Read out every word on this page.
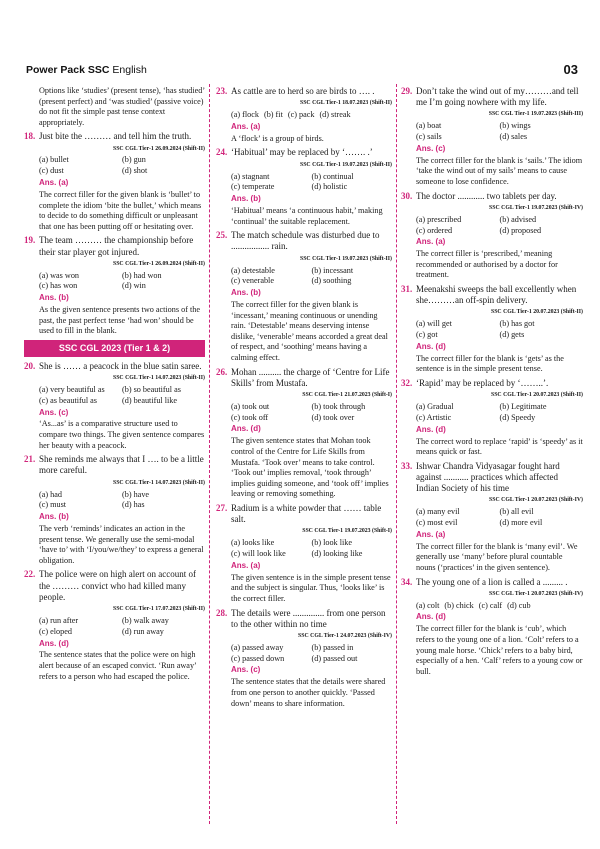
Power Pack SSC English	03
Options like ‘studies’ (present tense), ‘has studied’ (present perfect) and ‘was studied’ (passive voice) do not fit the simple past tense context appropriately.
18. Just bite the ……… and tell him the truth.
SSC CGL Tier-1 26.09.2024 (Shift-II)
(a) bullet	(b) gun
(c) dust	(d) shot
Ans. (a)
The correct filler for the given blank is ‘bullet’ to complete the idiom ‘bite the bullet,’ which means to decide to do something difficult or unpleasant that one has been putting off or hesitating over.
19. The team ……… the championship before their star player got injured.
SSC CGL Tier-1 26.09.2024 (Shift-II)
(a) was won	(b) had won
(c) has won	(d) win
Ans. (b)
As the given sentence presents two actions of the past, the past perfect tense ‘had won’ should be used to fill in the blank.
SSC CGL 2023 (Tier 1 & 2)
20. She is …… a peacock in the blue satin saree.
SSC CGL Tier-1 14.07.2023 (Shift-II)
(a) very beautiful as	(b) so beautiful as
(c) as beautiful as	(d) beautiful like
Ans. (c)
‘As...as’ is a comparative structure used to compare two things. The given sentence compares her beauty with a peacock.
21. She reminds me always that I …. to be a little more careful.
SSC CGL Tier-1 14.07.2023 (Shift-II)
(a) had	(b) have
(c) must	(d) has
Ans. (b)
The verb ‘reminds’ indicates an action in the present tense. We generally use the semi-modal ‘have to’ with ‘I/you/we/they’ to express a general obligation.
22. The police were on high alert on account of the ……… convict who had killed many people.
SSC CGL Tier-1 17.07.2023 (Shift-II)
(a) run after	(b) walk away
(c) eloped	(d) run away
Ans. (d)
The sentence states that the police were on high alert because of an escaped convict. ‘Run away’ refers to a person who had escaped the police.
23. As cattle are to herd so are birds to …. .
SSC CGL Tier-1 18.07.2023 (Shift-II)
(a) flock (b) fit (c) pack (d) streak
Ans. (a)
A ‘flock’ is a group of birds.
24. ‘Habitual’ may be replaced by ‘……. .’
SSC CGL Tier-1 19.07.2023 (Shift-II)
(a) stagnant	(b) continual
(c) temperate	(d) holistic
Ans. (b)
‘Habitual’ means ‘a continuous habit,’ making ‘continual’ the suitable replacement.
25. The match schedule was disturbed due to ................. rain.
SSC CGL Tier-1 19.07.2023 (Shift-II)
(a) detestable	(b) incessant
(c) venerable	(d) soothing
Ans. (b)
The correct filler for the given blank is ‘incessant,’ meaning continuous or unending rain. ‘Detestable’ means deserving intense dislike, ‘venerable’ means accorded a great deal of respect, and ‘soothing’ means having a calming effect.
26. Mohan .......... the charge of ‘Centre for Life Skills’ from Mustafa.
SSC CGL Tier-1 21.07.2023 (Shift-I)
(a) took out	(b) took through
(c) took off	(d) took over
Ans. (d)
The given sentence states that Mohan took control of the Centre for Life Skills from Mustafa. ‘Took over’ means to take control. ‘Took out’ implies removal, ‘took through’ implies guiding someone, and ‘took off’ implies leaving or removing something.
27. Radium is a white powder that …… table salt.
SSC CGL Tier-1 19.07.2023 (Shift-I)
(a) looks like	(b) look like
(c) will look like	(d) looking like
Ans. (a)
The given sentence is in the simple present tense and the subject is singular. Thus, ‘looks like’ is the correct filler.
28. The details were .............. from one person to the other within no time
SSC CGL Tier-1 24.07.2023 (Shift-IV)
(a) passed away	(b) passed in
(c) passed down	(d) passed out
Ans. (c)
The sentence states that the details were shared from one person to another quickly. ‘Passed down’ means to share information.
29. Don’t take the wind out of my………and tell me I’m going nowhere with my life.
SSC CGL Tier-1 19.07.2023 (Shift-III)
(a) boat	(b) wings
(c) sails	(d) sales
Ans. (c)
The correct filler for the blank is ‘sails.’ The idiom ‘take the wind out of my sails’ means to cause someone to lose confidence.
30. The doctor ............ two tablets per day.
SSC CGL Tier-1 19.07.2023 (Shift-IV)
(a) prescribed	(b) advised
(c) ordered	(d) proposed
Ans. (a)
The correct filler is ‘prescribed,’ meaning recommended or authorised by a doctor for treatment.
31. Meenakshi sweeps the ball excellently when she………an off-spin delivery.
SSC CGL Tier-1 20.07.2023 (Shift-II)
(a) will get	(b) has got
(c) got	(d) gets
Ans. (d)
The correct filler for the blank is ‘gets’ as the sentence is in the simple present tense.
32. ‘Rapid’ may be replaced by ‘……..’.
SSC CGL Tier-1 20.07.2023 (Shift-II)
(a) Gradual	(b) Legitimate
(c) Artistic	(d) Speedy
Ans. (d)
The correct word to replace ‘rapid’ is ‘speedy’ as it means quick or fast.
33. Ishwar Chandra Vidyasagar fought hard against ........... practices which affected Indian Society of his time
SSC CGL Tier-1 20.07.2023 (Shift-IV)
(a) many evil	(b) all evil
(c) most evil	(d) more evil
Ans. (a)
The correct filler for the blank is ‘many evil’. We generally use ‘many’ before plural countable nouns (‘practices’ in the given sentence).
34. The young one of a lion is called a ......... .
SSC CGL Tier-1 20.07.2023 (Shift-IV)
(a) colt (b) chick (c) calf (d) cub
Ans. (d)
The correct filler for the blank is ‘cub’, which refers to the young one of a lion. ‘Colt’ refers to a young male horse. ‘Chick’ refers to a baby bird, especially of a hen. ‘Calf’ refers to a young cow or bull.
